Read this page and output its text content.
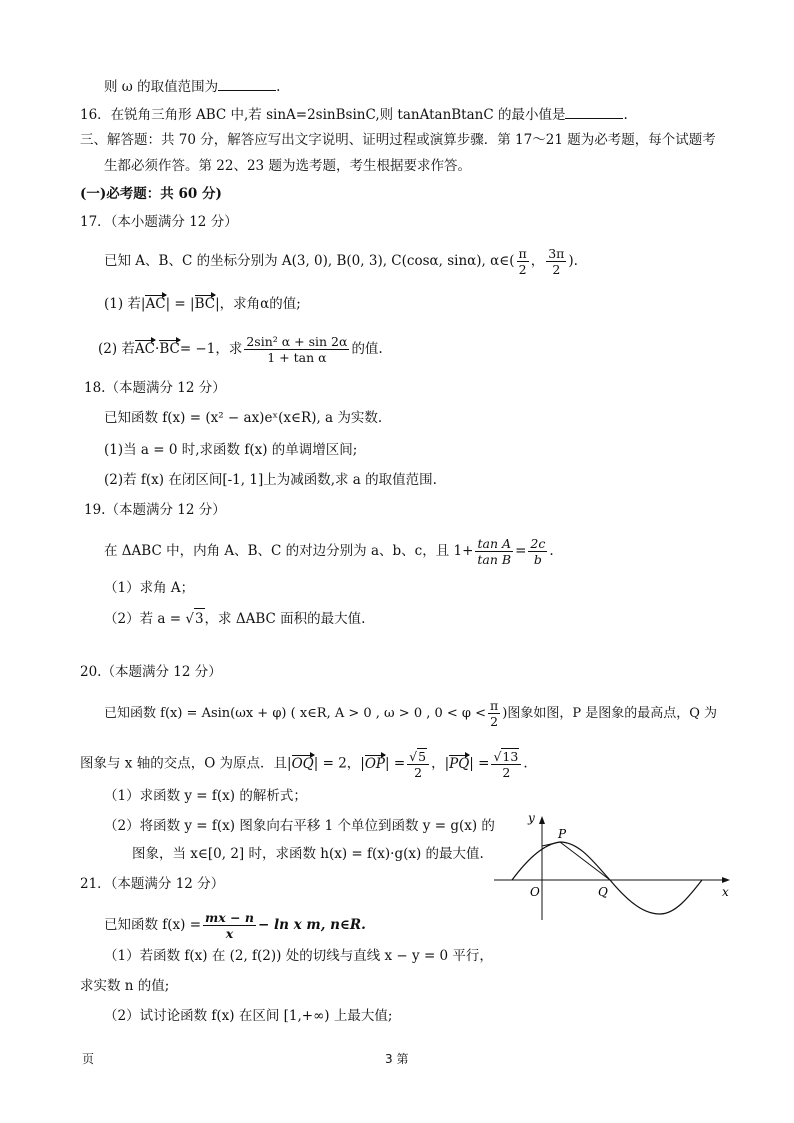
则 ω 的取值范围为	.
16．在锐角三角形 ABC 中,若 sinA=2sinBsinC,则 tanAtanBtanC 的最小值是	.
三、解答题：共 70 分，解答应写出文字说明、证明过程或演算步骤．第 17～21 题为必考题，每个试题考
生都必须作答。第 22、23 题为选考题，考生根据要求作答。
(一)必考题：共 60 分)
17．（本小题满分 12 分）
已知 A、B、C 的坐标分别为 A(3, 0), B(0, 3), C(cosα, sinα), α∈( $\frac{\pi}{2}$ ， $\frac{3\pi}{2}$ ).
(1) 若|AC| = |BC|，求角α的值;
(2) 若AC·BC= −1，求 $\frac{\text{2sin² α + sin 2α}}{\text{1 + tan α}}$ 的值.
18.（本题满分 12 分）
已知函数 f(x) = (x² − ax)eˣ(x∈R), a 为实数.
(1)当 a = 0 时,求函数 f(x) 的单调增区间;
(2)若 f(x) 在闭区间[-1, 1]上为减函数,求 a 的取值范围.
19.（本题满分 12 分）
在 ΔABC 中，内角 A、B、C 的对边分别为 a、b、c，且 $1+ \frac{\text{tan A}}{\text{tan B}} = \frac{2c}{b}$ .
（1）求角 A；
（2）若 a = √3，求 ΔABC 面积的最大值.
20.（本题满分 12 分）
已知函数 f(x) = Asin(ωx + φ) ( x∈R, A > 0 , ω > 0 , $0 < \varphi < \frac{\pi}{2}$ )图象如图，P 是图象的最高点，Q 为
图象与 x 轴的交点，O 为原点．且|OQ| = 2，$|OP| = \frac{√5}{2}$ ，$|PQ| = \frac{√13}{2}$ .
（1）求函数 y = f(x) 的解析式；
（2）将函数 y = f(x) 图象向右平移 1 个单位到函数 y = g(x) 的
图象，当 x∈[0, 2] 时，求函数 h(x) = f(x)·g(x) 的最大值.
y
P
O	Q	x
21．（本题满分 12 分）
已知函数 $f(x) = \frac{mx - n}{x} - \ln x$ m, n∈R.
（1）若函数 f(x) 在 (2, f(2)) 处的切线与直线 x − y = 0 平行，
求实数 n 的值;
（2）试讨论函数 f(x) 在区间 [1,+∞) 上最大值;
页	3 第
